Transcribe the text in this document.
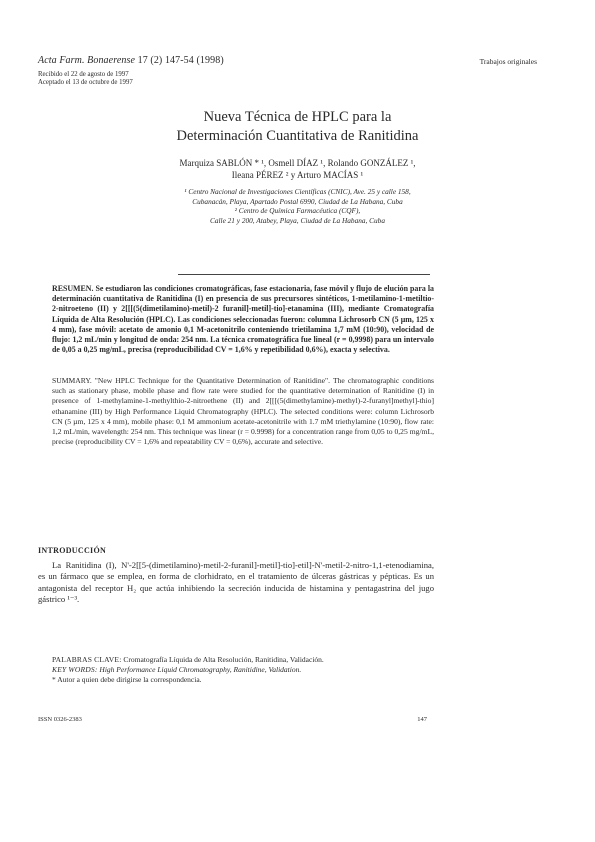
Acta Farm. Bonaerense 17 (2) 147-54 (1998)	Trabajos originales
Recibido el 22 de agosto de 1997
Aceptado el 13 de octubre de 1997
Nueva Técnica de HPLC para la
Determinación Cuantitativa de Ranitidina
Marquiza SABLÓN * ¹, Osmell DÍAZ ¹, Rolando GONZÁLEZ ¹,
Ileana PÉREZ ² y Arturo MACÍAS ¹
¹ Centro Nacional de Investigaciones Científicas (CNIC), Ave. 25 y calle 158,
Cubanacán, Playa, Apartado Postal 6990, Ciudad de La Habana, Cuba
² Centro de Química Farmacéutica (CQF),
Calle 21 y 200, Atabey, Playa, Ciudad de La Habana, Cuba
RESUMEN. Se estudiaron las condiciones cromatográficas, fase estacionaria, fase móvil y flujo de elución para la determinación cuantitativa de Ranitidina (I) en presencia de sus precursores sintéticos, 1-metilamino-1-metiltio-2-nitroeteno (II) y 2[[[(5(dimetilamino)-metil)-2 furanil]-metil]-tio]-etanamina (III), mediante Cromatografía Líquida de Alta Resolución (HPLC). Las condiciones seleccionadas fueron: columna Lichrosorb CN (5 µm, 125 x 4 mm), fase móvil: acetato de amonio 0,1 M-acetonitrilo conteniendo trietilamina 1,7 mM (10:90), velocidad de flujo: 1,2 mL/min y longitud de onda: 254 nm. La técnica cromatográfica fue lineal (r = 0,9998) para un intervalo de 0,05 a 0,25 mg/mL, precisa (reproducibilidad CV = 1,6% y repetibilidad 0,6%), exacta y selectiva.
SUMMARY. "New HPLC Technique for the Quantitative Determination of Ranitidine". The chromatographic conditions such as stationary phase, mobile phase and flow rate were studied for the quantitative determination of Ranitidine (I) in presence of 1-methylamine-1-methylthio-2-nitroethene (II) and 2[[[(5(dimethylamine)-methyl)-2-furanyl]methyl]-thio] ethanamine (III) by High Performance Liquid Chromatography (HPLC). The selected conditions were: column Lichrosorb CN (5 µm, 125 x 4 mm), mobile phase: 0,1 M ammonium acetate-acetonitrile with 1.7 mM triethylamine (10:90), flow rate: 1,2 mL/min, wavelength: 254 nm. This technique was linear (r = 0.9998) for a concentration range from 0,05 to 0,25 mg/mL, precise (reproducibility CV = 1,6% and repeatability CV = 0,6%), accurate and selective.
INTRODUCCIÓN
La Ranitidina (I), N'-2[[5-(dimetilamino)-metil-2-furanil]-metil]-tio]-etil]-N'-metil-2-nitro-1,1-etenodiamina, es un fármaco que se emplea, en forma de clorhidrato, en el tratamiento de úlceras gástricas y pépticas. Es un antagonista del receptor H₂ que actúa inhibiendo la secreción inducida de histamina y pentagastrina del jugo gástrico ¹⁻³.
PALABRAS CLAVE: Cromatografía Líquida de Alta Resolución, Ranitidina, Validación.
KEY WORDS: High Performance Liquid Chromatography, Ranitidine, Validation.
* Autor a quien debe dirigirse la correspondencia.
ISSN 0326-2383	147
